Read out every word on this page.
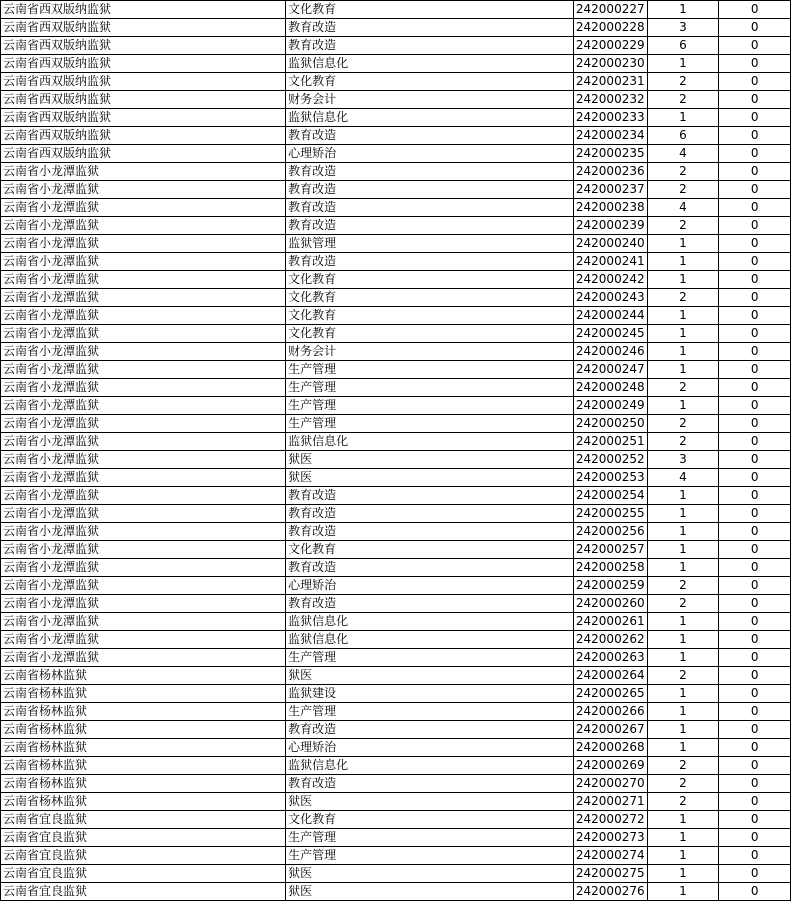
云南省西双版纳监狱	文化教育	242000227	1	0
云南省西双版纳监狱	教育改造	242000228	3	0
云南省西双版纳监狱	教育改造	242000229	6	0
云南省西双版纳监狱	监狱信息化	242000230	1	0
云南省西双版纳监狱	文化教育	242000231	2	0
云南省西双版纳监狱	财务会计	242000232	2	0
云南省西双版纳监狱	监狱信息化	242000233	1	0
云南省西双版纳监狱	教育改造	242000234	6	0
云南省西双版纳监狱	心理矫治	242000235	4	0
云南省小龙潭监狱	教育改造	242000236	2	0
云南省小龙潭监狱	教育改造	242000237	2	0
云南省小龙潭监狱	教育改造	242000238	4	0
云南省小龙潭监狱	教育改造	242000239	2	0
云南省小龙潭监狱	监狱管理	242000240	1	0
云南省小龙潭监狱	教育改造	242000241	1	0
云南省小龙潭监狱	文化教育	242000242	1	0
云南省小龙潭监狱	文化教育	242000243	2	0
云南省小龙潭监狱	文化教育	242000244	1	0
云南省小龙潭监狱	文化教育	242000245	1	0
云南省小龙潭监狱	财务会计	242000246	1	0
云南省小龙潭监狱	生产管理	242000247	1	0
云南省小龙潭监狱	生产管理	242000248	2	0
云南省小龙潭监狱	生产管理	242000249	1	0
云南省小龙潭监狱	生产管理	242000250	2	0
云南省小龙潭监狱	监狱信息化	242000251	2	0
云南省小龙潭监狱	狱医	242000252	3	0
云南省小龙潭监狱	狱医	242000253	4	0
云南省小龙潭监狱	教育改造	242000254	1	0
云南省小龙潭监狱	教育改造	242000255	1	0
云南省小龙潭监狱	教育改造	242000256	1	0
云南省小龙潭监狱	文化教育	242000257	1	0
云南省小龙潭监狱	教育改造	242000258	1	0
云南省小龙潭监狱	心理矫治	242000259	2	0
云南省小龙潭监狱	教育改造	242000260	2	0
云南省小龙潭监狱	监狱信息化	242000261	1	0
云南省小龙潭监狱	监狱信息化	242000262	1	0
云南省小龙潭监狱	生产管理	242000263	1	0
云南省杨林监狱	狱医	242000264	2	0
云南省杨林监狱	监狱建设	242000265	1	0
云南省杨林监狱	生产管理	242000266	1	0
云南省杨林监狱	教育改造	242000267	1	0
云南省杨林监狱	心理矫治	242000268	1	0
云南省杨林监狱	监狱信息化	242000269	2	0
云南省杨林监狱	教育改造	242000270	2	0
云南省杨林监狱	狱医	242000271	2	0
云南省宜良监狱	文化教育	242000272	1	0
云南省宜良监狱	生产管理	242000273	1	0
云南省宜良监狱	生产管理	242000274	1	0
云南省宜良监狱	狱医	242000275	1	0
云南省宜良监狱	狱医	242000276	1	0
